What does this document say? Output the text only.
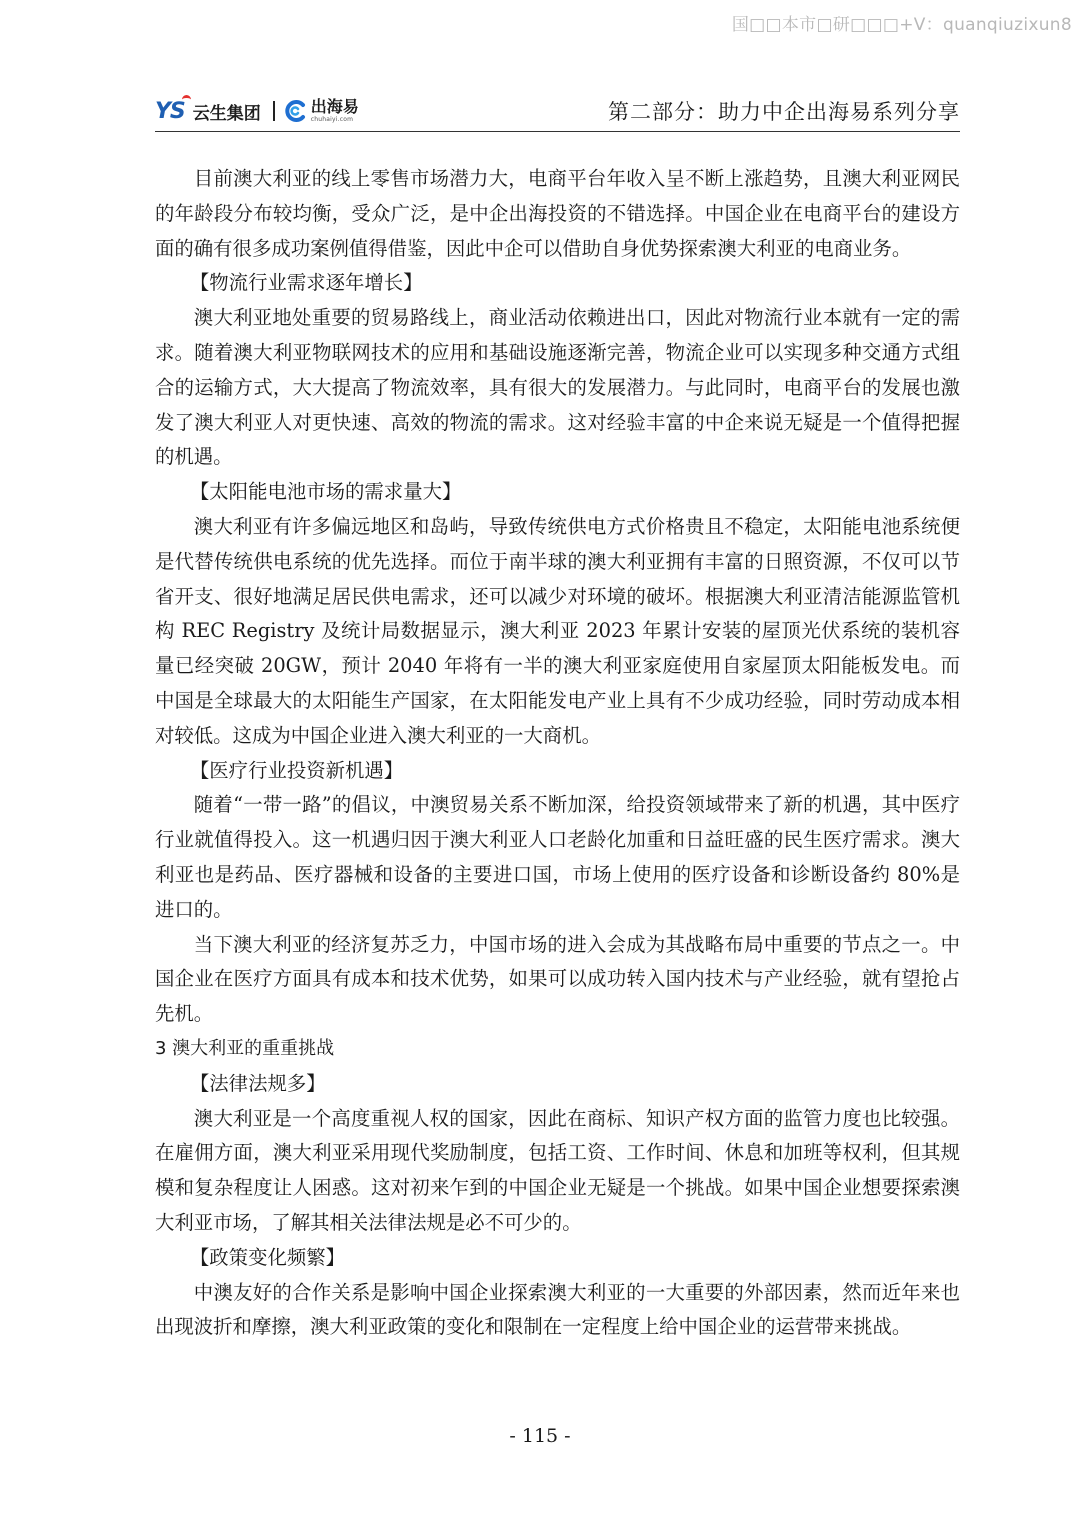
国□□本市□研□□□+V：quanqiuzixun8
YS 云生集团	出海易
chuhaiyi.com	第二部分：助力中企出海易系列分享

目前澳大利亚的线上零售市场潜力大，电商平台年收入呈不断上涨趋势，且澳大利亚网民的年龄段分布较均衡，受众广泛，是中企出海投资的不错选择。中国企业在电商平台的建设方面的确有很多成功案例值得借鉴，因此中企可以借助自身优势探索澳大利亚的电商业务。

【物流行业需求逐年增长】

澳大利亚地处重要的贸易路线上，商业活动依赖进出口，因此对物流行业本就有一定的需求。随着澳大利亚物联网技术的应用和基础设施逐渐完善，物流企业可以实现多种交通方式组合的运输方式，大大提高了物流效率，具有很大的发展潜力。与此同时，电商平台的发展也激发了澳大利亚人对更快速、高效的物流的需求。这对经验丰富的中企来说无疑是一个值得把握的机遇。

【太阳能电池市场的需求量大】

澳大利亚有许多偏远地区和岛屿，导致传统供电方式价格贵且不稳定，太阳能电池系统便是代替传统供电系统的优先选择。而位于南半球的澳大利亚拥有丰富的日照资源，不仅可以节省开支、很好地满足居民供电需求，还可以减少对环境的破坏。根据澳大利亚清洁能源监管机构 REC Registry 及统计局数据显示，澳大利亚 2023 年累计安装的屋顶光伏系统的装机容量已经突破 20GW，预计 2040 年将有一半的澳大利亚家庭使用自家屋顶太阳能板发电。而中国是全球最大的太阳能生产国家，在太阳能发电产业上具有不少成功经验，同时劳动成本相对较低。这成为中国企业进入澳大利亚的一大商机。

【医疗行业投资新机遇】

随着“一带一路”的倡议，中澳贸易关系不断加深，给投资领域带来了新的机遇，其中医疗行业就值得投入。这一机遇归因于澳大利亚人口老龄化加重和日益旺盛的民生医疗需求。澳大利亚也是药品、医疗器械和设备的主要进口国，市场上使用的医疗设备和诊断设备约 80%是进口的。

当下澳大利亚的经济复苏乏力，中国市场的进入会成为其战略布局中重要的节点之一。中国企业在医疗方面具有成本和技术优势，如果可以成功转入国内技术与产业经验，就有望抢占先机。

3 澳大利亚的重重挑战

【法律法规多】

澳大利亚是一个高度重视人权的国家，因此在商标、知识产权方面的监管力度也比较强。在雇佣方面，澳大利亚采用现代奖励制度，包括工资、工作时间、休息和加班等权利，但其规模和复杂程度让人困惑。这对初来乍到的中国企业无疑是一个挑战。如果中国企业想要探索澳大利亚市场，了解其相关法律法规是必不可少的。

【政策变化频繁】

中澳友好的合作关系是影响中国企业探索澳大利亚的一大重要的外部因素，然而近年来也出现波折和摩擦，澳大利亚政策的变化和限制在一定程度上给中国企业的运营带来挑战。

- 115 -
